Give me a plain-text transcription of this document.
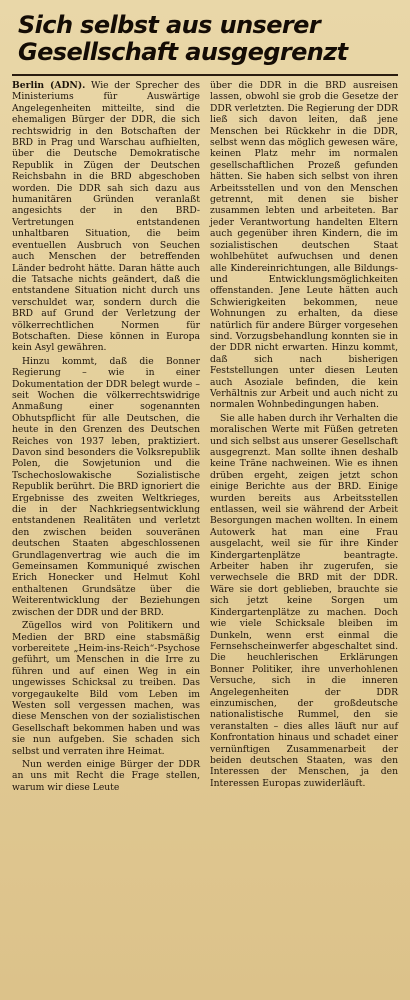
Sich selbst aus unserer Gesellschaft ausgegrenzt

Berlin (ADN). Wie der Sprecher des Ministeriums für Auswärtige Angelegenheiten mitteilte, sind die ehemaligen Bürger der DDR, die sich rechtswidrig in den Botschaften der BRD in Prag und Warschau aufhielten, über die Deutsche Demokratische Republik in Zügen der Deutschen Reichsbahn in die BRD abgeschoben worden. Die DDR sah sich dazu aus humanitären Gründen veranlaßt angesichts der in den BRD-Vertretungen entstandenen unhaltbaren Situation, die beim eventuellen Ausbruch von Seuchen auch Menschen der betreffenden Länder bedroht hätte. Daran hätte auch die Tatsache nichts geändert, daß die entstandene Situation nicht durch uns verschuldet war, sondern durch die BRD auf Grund der Verletzung der völkerrechtlichen Normen für Botschaften. Diese können in Europa kein Asyl gewähren.

Hinzu kommt, daß die Bonner Regierung – wie in einer Dokumentation der DDR belegt wurde – seit Wochen die völkerrechtswidrige Anmaßung einer sogenannten Obhutspflicht für alle Deutschen, die heute in den Grenzen des Deutschen Reiches von 1937 leben, praktiziert. Davon sind besonders die Volksrepublik Polen, die Sowjetunion und die Tschechoslowakische Sozialistische Republik berührt. Die BRD ignoriert die Ergebnisse des zweiten Weltkrieges, die in der Nachkriegsentwicklung entstandenen Realitäten und verletzt den zwischen beiden souveränen deutschen Staaten abgeschlossenen Grundlagenvertrag wie auch die im Gemeinsamen Kommuniqué zwischen Erich Honecker und Helmut Kohl enthaltenen Grundsätze über die Weiterentwicklung der Beziehungen zwischen der DDR und der BRD.

Zügellos wird von Politikern und Medien der BRD eine stabsmäßig vorbereitete „Heim-ins-Reich“-Psychose geführt, um Menschen in die Irre zu führen und auf einen Weg in ein ungewisses Schicksal zu treiben. Das vorgegaukelte Bild vom Leben im Westen soll vergessen machen, was diese Menschen von der sozialistischen Gesellschaft bekommen haben und was sie nun aufgeben. Sie schaden sich selbst und verraten ihre Heimat.

Nun werden einige Bürger der DDR an uns mit Recht die Frage stellen, warum wir diese Leute

über die DDR in die BRD ausreisen lassen, obwohl sie grob die Gesetze der DDR verletzten. Die Regierung der DDR ließ sich davon leiten, daß jene Menschen bei Rückkehr in die DDR, selbst wenn das möglich gewesen wäre, keinen Platz mehr im normalen gesellschaftlichen Prozeß gefunden hätten. Sie haben sich selbst von ihren Arbeitsstellen und von den Menschen getrennt, mit denen sie bisher zusammen lebten und arbeiteten. Bar jeder Verantwortung handelten Eltern auch gegenüber ihren Kindern, die im sozialistischen deutschen Staat wohlbehütet aufwuchsen und denen alle Kindereinrichtungen, alle Bildungs- und Entwicklungsmöglichkeiten offenstanden. Jene Leute hätten auch Schwierigkeiten bekommen, neue Wohnungen zu erhalten, da diese natürlich für andere Bürger vorgesehen sind. Vorzugsbehandlung konnten sie in der DDR nicht erwarten. Hinzu kommt, daß sich nach bisherigen Feststellungen unter diesen Leuten auch Asoziale befinden, die kein Verhältnis zur Arbeit und auch nicht zu normalen Wohnbedingungen haben.

Sie alle haben durch ihr Verhalten die moralischen Werte mit Füßen getreten und sich selbst aus unserer Gesellschaft ausgegrenzt. Man sollte ihnen deshalb keine Träne nachweinen. Wie es ihnen drüben ergeht, zeigen jetzt schon einige Berichte aus der BRD. Einige wurden bereits aus Arbeitsstellen entlassen, weil sie während der Arbeit Besorgungen machen wollten. In einem Autowerk hat man eine Frau ausgelacht, weil sie für ihre Kinder Kindergartenplätze beantragte. Arbeiter haben ihr zugerufen, sie verwechsele die BRD mit der DDR. Wäre sie dort geblieben, brauchte sie sich jetzt keine Sorgen um Kindergartenplätze zu machen. Doch wie viele Schicksale bleiben im Dunkeln, wenn erst einmal die Fernsehscheinwerfer abgeschaltet sind. Die heuchlerischen Erklärungen Bonner Politiker, ihre unverhohlenen Versuche, sich in die inneren Angelegenheiten der DDR einzumischen, der großdeutsche nationalistische Rummel, den sie veranstalten – dies alles läuft nur auf Konfrontation hinaus und schadet einer vernünftigen Zusammenarbeit der beiden deutschen Staaten, was den Interessen der Menschen, ja den Interessen Europas zuwiderläuft.
